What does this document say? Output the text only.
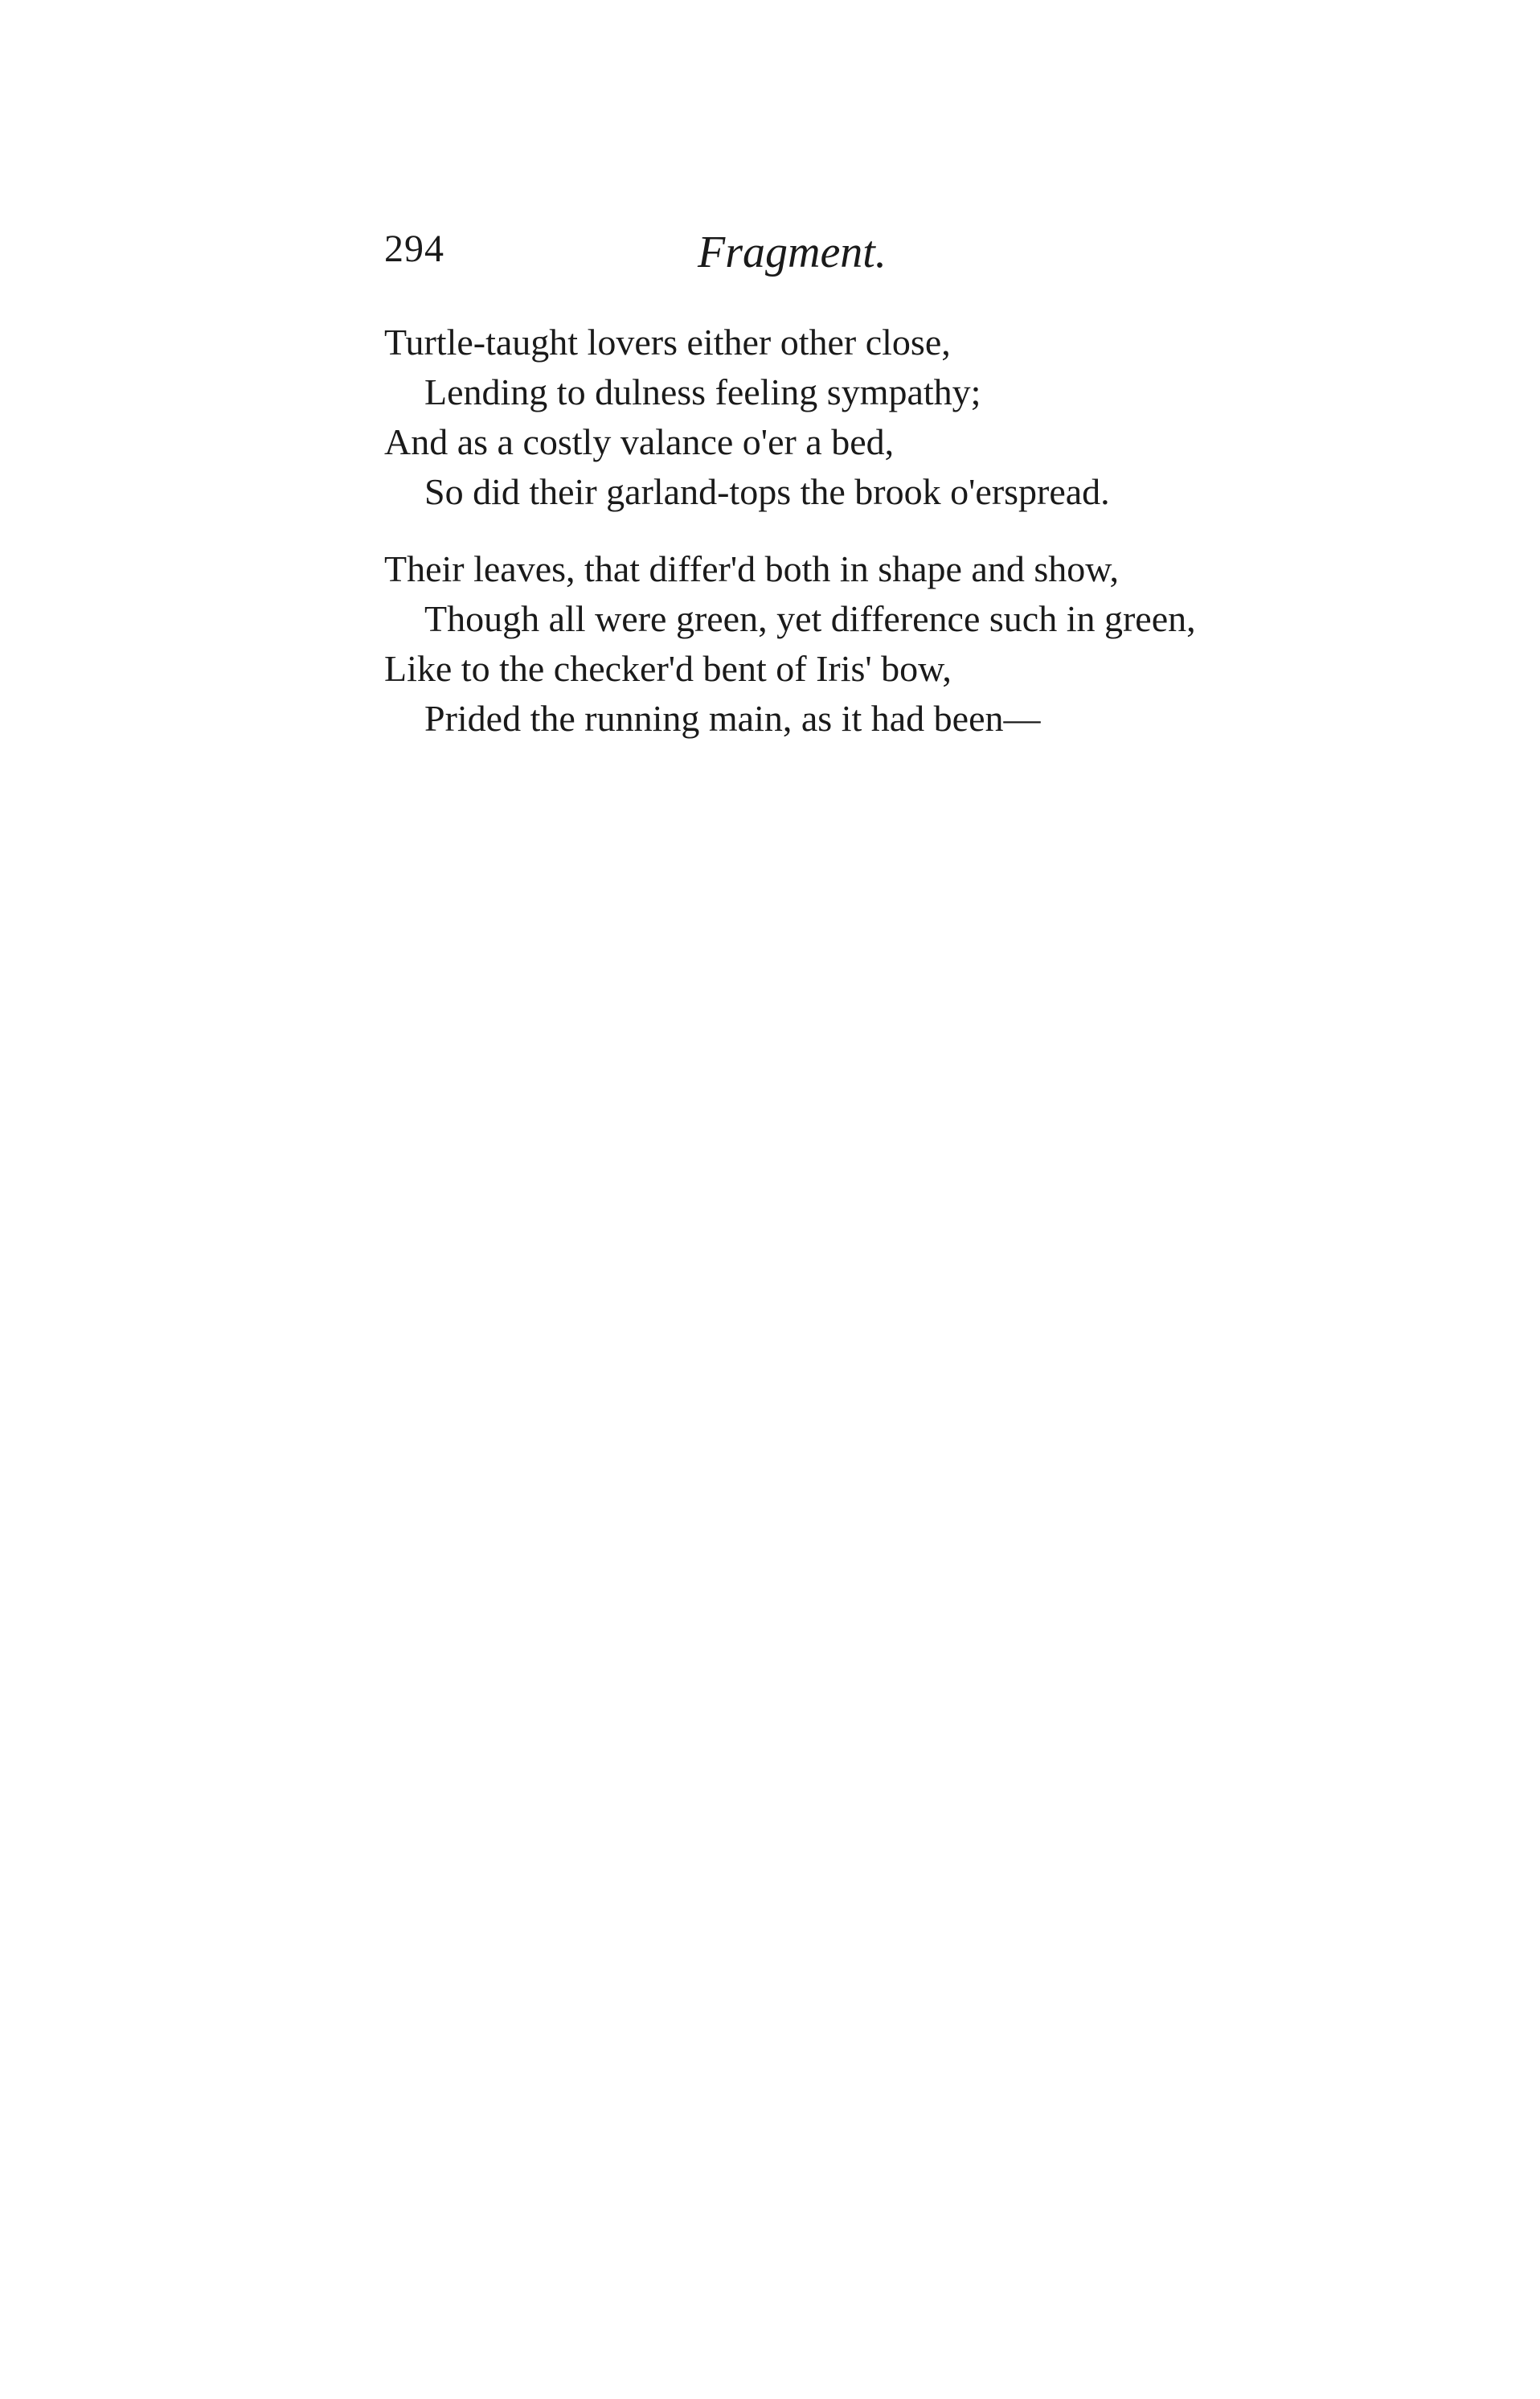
294	Fragment.
Turtle-taught lovers either other close,
Lending to dulness feeling sympathy;
And as a costly valance o'er a bed,
So did their garland-tops the brook o'erspread.
Their leaves, that differ'd both in shape and show,
Though all were green, yet difference such in green,
Like to the checker'd bent of Iris' bow,
Prided the running main, as it had been—
